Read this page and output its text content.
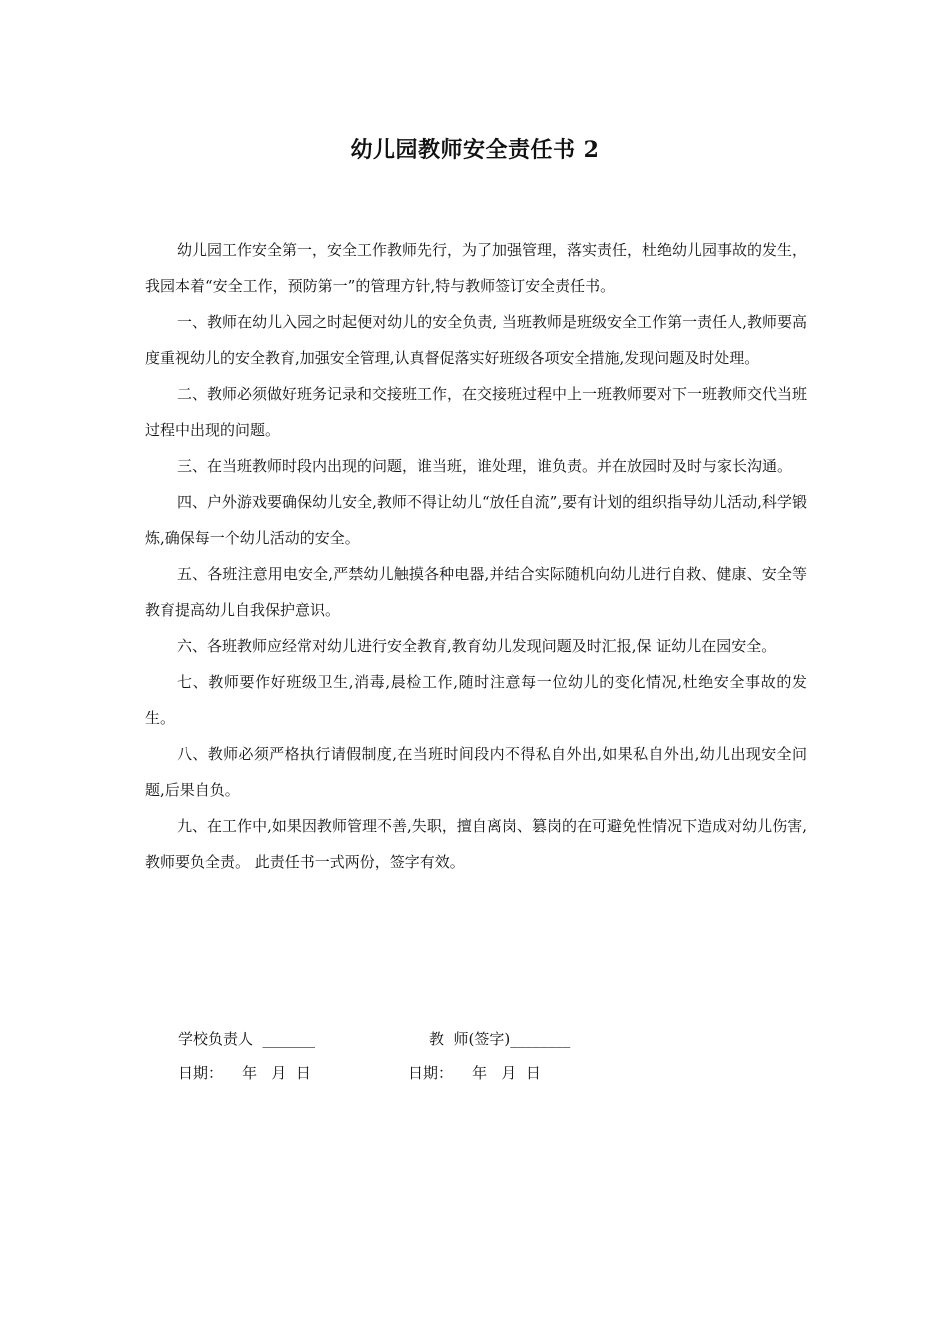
幼儿园教师安全责任书 2

幼儿园工作安全第一，安全工作教师先行，为了加强管理，落实责任，杜绝幼儿园事故的发生，我园本着“安全工作，预防第一”的管理方针,特与教师签订安全责任书。

一、教师在幼儿入园之时起便对幼儿的安全负责, 当班教师是班级安全工作第一责任人,教师要高度重视幼儿的安全教育,加强安全管理,认真督促落实好班级各项安全措施,发现问题及时处理。

二、教师必须做好班务记录和交接班工作，在交接班过程中上一班教师要对下一班教师交代当班过程中出现的问题。

三、在当班教师时段内出现的问题，谁当班，谁处理，谁负责。并在放园时及时与家长沟通。

四、户外游戏要确保幼儿安全,教师不得让幼儿“放任自流”,要有计划的组织指导幼儿活动,科学锻炼,确保每一个幼儿活动的安全。

五、各班注意用电安全,严禁幼儿触摸各种电器,并结合实际随机向幼儿进行自救、健康、安全等教育提高幼儿自我保护意识。

六、各班教师应经常对幼儿进行安全教育,教育幼儿发现问题及时汇报,保 证幼儿在园安全。

七、教师要作好班级卫生,消毒,晨检工作,随时注意每一位幼儿的变化情况,杜绝安全事故的发生。

八、教师必须严格执行请假制度,在当班时间段内不得私自外出,如果私自外出,幼儿出现安全问题,后果自负。

九、在工作中,如果因教师管理不善,失职，擅自离岗、篡岗的在可避免性情况下造成对幼儿伤害,教师要负全责。 此责任书一式两份，签字有效。

学校负责人  _______	教  师(签字)________
日期：    年   月  日	日期：    年   月  日
